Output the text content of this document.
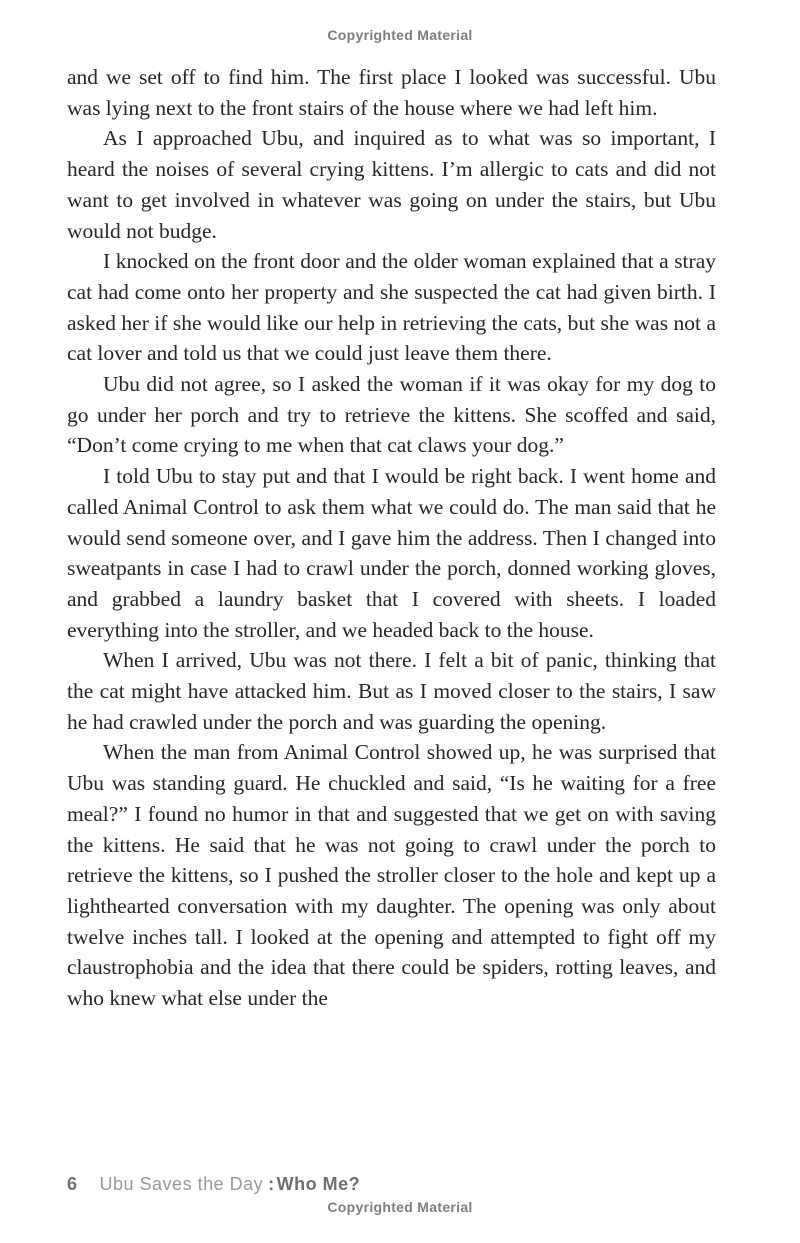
Copyrighted Material

and we set off to find him. The first place I looked was successful. Ubu was lying next to the front stairs of the house where we had left him.

As I approached Ubu, and inquired as to what was so important, I heard the noises of several crying kittens. I’m allergic to cats and did not want to get involved in whatever was going on under the stairs, but Ubu would not budge.

I knocked on the front door and the older woman explained that a stray cat had come onto her property and she suspected the cat had given birth. I asked her if she would like our help in retrieving the cats, but she was not a cat lover and told us that we could just leave them there.

Ubu did not agree, so I asked the woman if it was okay for my dog to go under her porch and try to retrieve the kittens. She scoffed and said, “Don’t come crying to me when that cat claws your dog.”

I told Ubu to stay put and that I would be right back. I went home and called Animal Control to ask them what we could do. The man said that he would send someone over, and I gave him the address. Then I changed into sweatpants in case I had to crawl under the porch, donned working gloves, and grabbed a laundry basket that I covered with sheets. I loaded everything into the stroller, and we headed back to the house.

When I arrived, Ubu was not there. I felt a bit of panic, thinking that the cat might have attacked him. But as I moved closer to the stairs, I saw he had crawled under the porch and was guarding the opening.

When the man from Animal Control showed up, he was surprised that Ubu was standing guard. He chuckled and said, “Is he waiting for a free meal?” I found no humor in that and suggested that we get on with saving the kittens. He said that he was not going to crawl under the porch to retrieve the kittens, so I pushed the stroller closer to the hole and kept up a lighthearted conversation with my daughter. The opening was only about twelve inches tall. I looked at the opening and attempted to fight off my claustrophobia and the idea that there could be spiders, rotting leaves, and who knew what else under the

6 Ubu Saves the Day : Who Me?
Copyrighted Material
